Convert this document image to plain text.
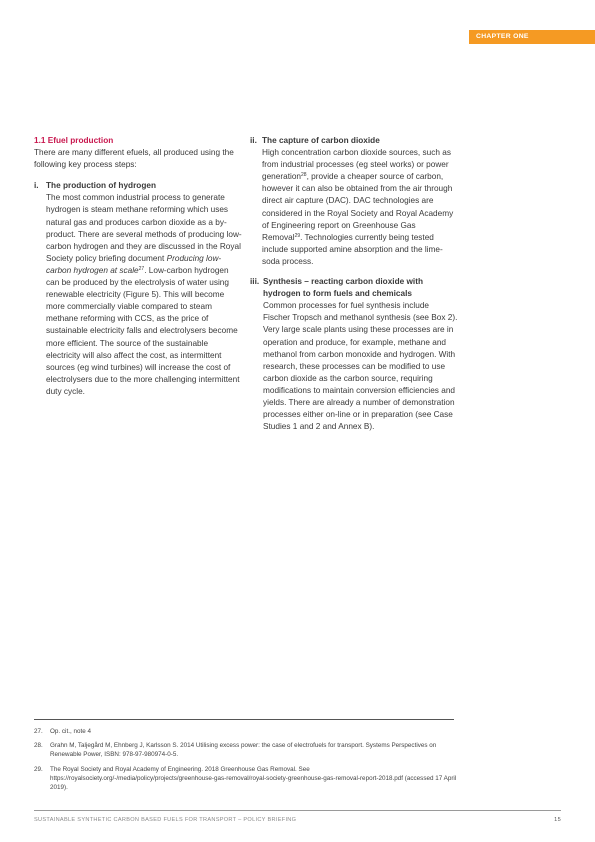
CHAPTER ONE

1.1 Efuel production

There are many different efuels, all produced using the following key process steps:

i. The production of hydrogen

The most common industrial process to generate hydrogen is steam methane reforming which uses natural gas and produces carbon dioxide as a by-product. There are several methods of producing low-carbon hydrogen and they are discussed in the Royal Society policy briefing document Producing low-carbon hydrogen at scale$^{27}$. Low-carbon hydrogen can be produced by the electrolysis of water using renewable electricity (Figure 5). This will become more commercially viable compared to steam methane reforming with CCS, as the price of sustainable electricity falls and electrolysers become more efficient. The source of the sustainable electricity will also affect the cost, as intermittent sources (eg wind turbines) will increase the cost of electrolysers due to the more challenging intermittent duty cycle.

ii. The capture of carbon dioxide

High concentration carbon dioxide sources, such as from industrial processes (eg steel works) or power generation$^{28}$, provide a cheaper source of carbon, however it can also be obtained from the air through direct air capture (DAC). DAC technologies are considered in the Royal Society and Royal Academy of Engineering report on Greenhouse Gas Removal$^{29}$. Technologies currently being tested include supported amine absorption and the lime-soda process.

iii. Synthesis – reacting carbon dioxide with hydrogen to form fuels and chemicals

Common processes for fuel synthesis include Fischer Tropsch and methanol synthesis (see Box 2). Very large scale plants using these processes are in operation and produce, for example, methane and methanol from carbon monoxide and hydrogen. With research, these processes can be modified to use carbon dioxide as the carbon source, requiring modifications to maintain conversion efficiencies and yields. There are already a number of demonstration processes either on-line or in preparation (see Case Studies 1 and 2 and Annex B).

27. Op. cit., note 4
28. Grahn M, Taljegård M, Ehnberg J, Karlsson S. 2014 Utilising excess power: the case of electrofuels for transport. Systems Perspectives on Renewable Power, ISBN: 978-97-980974-0-5.
29. The Royal Society and Royal Academy of Engineering. 2018 Greenhouse Gas Removal. See https://royalsociety.org/-/media/policy/projects/greenhouse-gas-removal/royal-society-greenhouse-gas-removal-report-2018.pdf (accessed 17 April 2019).
SUSTAINABLE SYNTHETIC CARBON BASED FUELS FOR TRANSPORT – POLICY BRIEFING	15
